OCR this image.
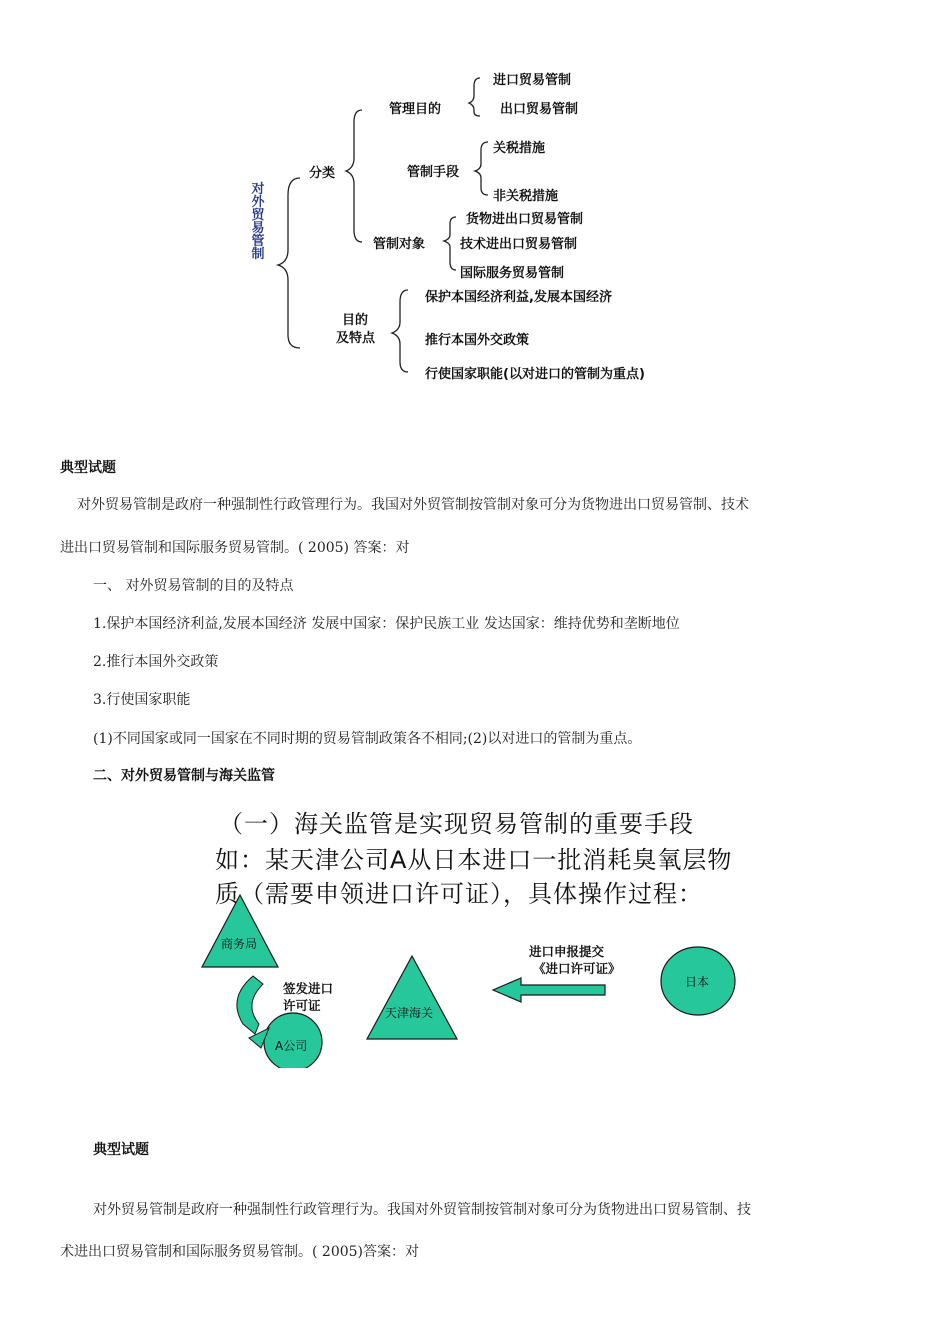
对外贸易管制
分类
管理目的
进口贸易管制
出口贸易管制
管制手段
关税措施
非关税措施
管制对象
货物进出口贸易管制
技术进出口贸易管制
国际服务贸易管制
目的
及特点
保护本国经济利益,发展本国经济
推行本国外交政策
行使国家职能(以对进口的管制为重点)
典型试题
对外贸易管制是政府一种强制性行政管理行为。我国对外贸管制按管制对象可分为货物进出口贸易管制、技术
进出口贸易管制和国际服务贸易管制。( 2005) 答案：对
一、 对外贸易管制的目的及特点
1.保护本国经济利益,发展本国经济 发展中国家：保护民族工业 发达国家：维持优势和垄断地位
2.推行本国外交政策
3.行使国家职能
(1)不同国家或同一国家在不同时期的贸易管制政策各不相同;(2)以对进口的管制为重点。
二、对外贸易管制与海关监管
（一）海关监管是实现贸易管制的重要手段
如：某天津公司A从日本进口一批消耗臭氧层物
质（需要申领进口许可证），具体操作过程：
商务局
天津海关
A公司
日本
签发进口
许可证
进口申报提交
《进口许可证》
典型试题
对外贸易管制是政府一种强制性行政管理行为。我国对外贸管制按管制对象可分为货物进出口贸易管制、技
术进出口贸易管制和国际服务贸易管制。( 2005)答案：对
